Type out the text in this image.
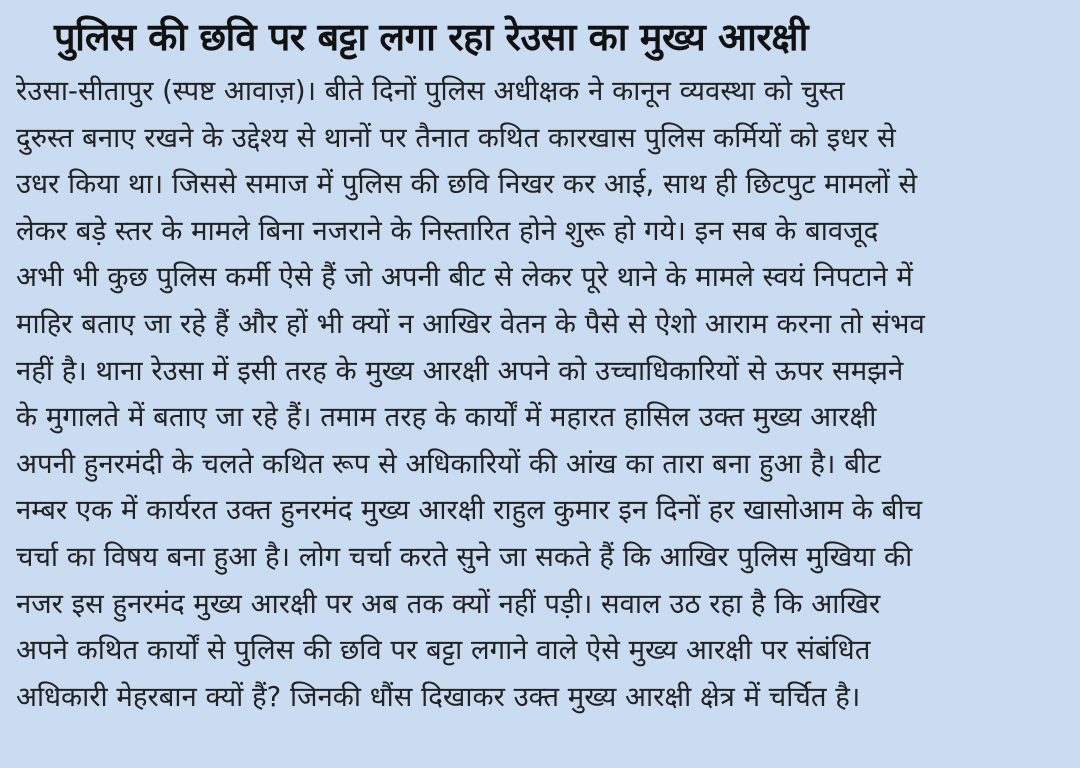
पुलिस की छवि पर बट्टा लगा रहा रेउसा का मुख्य आरक्षी
रेउसा-सीतापुर (स्पष्ट आवाज़)। बीते दिनों पुलिस अधीक्षक ने कानून व्यवस्था को चुस्त
दुरुस्त बनाए रखने के उद्देश्य से थानों पर तैनात कथित कारखास पुलिस कर्मियों को इधर से
उधर किया था। जिससे समाज में पुलिस की छवि निखर कर आई, साथ ही छिटपुट मामलों से
लेकर बड़े स्तर के मामले बिना नजराने के निस्तारित होने शुरू हो गये। इन सब के बावजूद
अभी भी कुछ पुलिस कर्मी ऐसे हैं जो अपनी बीट से लेकर पूरे थाने के मामले स्वयं निपटाने में
माहिर बताए जा रहे हैं और हों भी क्यों न आखिर वेतन के पैसे से ऐशो आराम करना तो संभव
नहीं है। थाना रेउसा में इसी तरह के मुख्य आरक्षी अपने को उच्चाधिकारियों से ऊपर समझने
के मुगालते में बताए जा रहे हैं। तमाम तरह के कार्यों में महारत हासिल उक्त मुख्य आरक्षी
अपनी हुनरमंदी के चलते कथित रूप से अधिकारियों की आंख का तारा बना हुआ है। बीट
नम्बर एक में कार्यरत उक्त हुनरमंद मुख्य आरक्षी राहुल कुमार इन दिनों हर खासोआम के बीच
चर्चा का विषय बना हुआ है। लोग चर्चा करते सुने जा सकते हैं कि आखिर पुलिस मुखिया की
नजर इस हुनरमंद मुख्य आरक्षी पर अब तक क्यों नहीं पड़ी। सवाल उठ रहा है कि आखिर
अपने कथित कार्यों से पुलिस की छवि पर बट्टा लगाने वाले ऐसे मुख्य आरक्षी पर संबंधित
अधिकारी मेहरबान क्यों हैं? जिनकी धौंस दिखाकर उक्त मुख्य आरक्षी क्षेत्र में चर्चित है।
